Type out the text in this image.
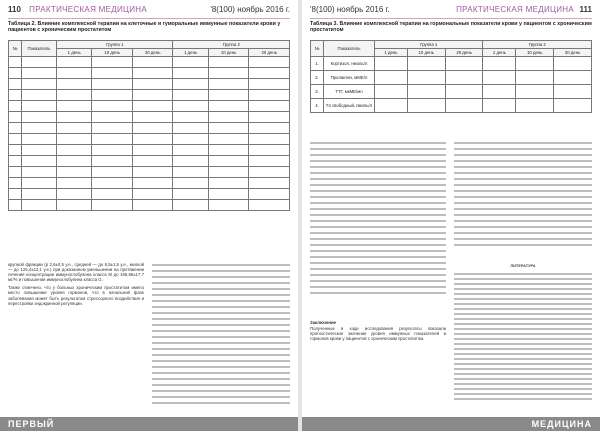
110 ПРАКТИЧЕСКАЯ МЕДИЦИНА	'8(100) ноябрь 2016 г.
Таблица 2. Влияние комплексной терапии на клеточные и гуморальные иммунные показатели крови у пациентов с хроническим простатитом
№	Показатель	Группа 1			Группа 2		
		1 день	10 день	20 день	1 день	10 день	20 день

крупной фракции (р 2,6±0,5 у.е., средней — до 8,5±1,5 у.е., мелкой — до 125,4±12,1 у.е.) при доказанном уменьшении на протяжении лечения концентрации иммуноглобулина класса М до 168,85±17,7 мг/% и повышении иммуноглобулина класса G.

Также отмечено, что у больных хроническим простатитом имело место повышение уровня гормонов, что в начальной фазе заболевания может быть результатом стрессорного воздействия и перестройки эндокринной регуляции.

ПЕРВЫЙ
'8(100) ноябрь 2016 г.	ПРАКТИЧЕСКАЯ МЕДИЦИНА 111
Таблица 3. Влияние комплексной терапии на гормональные показатели крови у пациентов с хроническим простатитом
№	Показатель	Группа 1			Группа 2		
		1 день	10 день	20 день	1 день	10 день	20 день
1.	Кортизол, нмоль/л						
2.	Пролактин, мМЕ/л						
3.	ТТГ, мкМЕ/мл						
4.	Т4 свободный, пмоль/л						
Заключение

Полученные в ходе исследования результаты показали прогностическое значение уровня иммунных показателей и гормонов крови у пациентов с хроническим простатитом.

ЛИТЕРАТУРА
МЕДИЦИНА
